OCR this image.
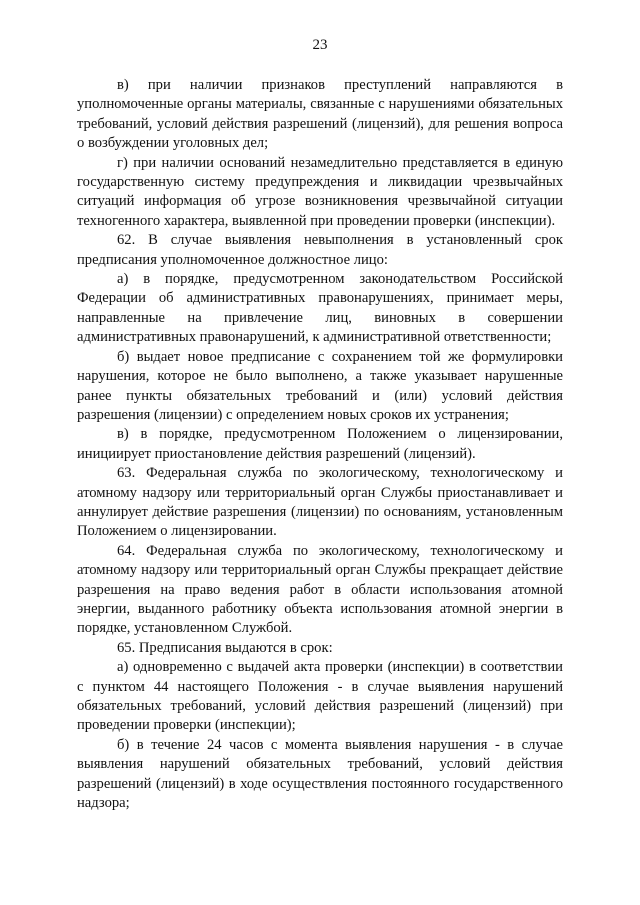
23

в) при наличии признаков преступлений направляются в уполномоченные органы материалы, связанные с нарушениями обязательных требований, условий действия разрешений (лицензий), для решения вопроса о возбуждении уголовных дел;

г) при наличии оснований незамедлительно представляется в единую государственную систему предупреждения и ликвидации чрезвычайных ситуаций информация об угрозе возникновения чрезвычайной ситуации техногенного характера, выявленной при проведении проверки (инспекции).

62. В случае выявления невыполнения в установленный срок предписания уполномоченное должностное лицо:

а) в порядке, предусмотренном законодательством Российской Федерации об административных правонарушениях, принимает меры, направленные на привлечение лиц, виновных в совершении административных правонарушений, к административной ответственности;

б) выдает новое предписание с сохранением той же формулировки нарушения, которое не было выполнено, а также указывает нарушенные ранее пункты обязательных требований и (или) условий действия разрешения (лицензии) с определением новых сроков их устранения;

в) в порядке, предусмотренном Положением о лицензировании, инициирует приостановление действия разрешений (лицензий).

63. Федеральная служба по экологическому, технологическому и атомному надзору или территориальный орган Службы приостанавливает и аннулирует действие разрешения (лицензии) по основаниям, установленным Положением о лицензировании.

64. Федеральная служба по экологическому, технологическому и атомному надзору или территориальный орган Службы прекращает действие разрешения на право ведения работ в области использования атомной энергии, выданного работнику объекта использования атомной энергии в порядке, установленном Службой.

65. Предписания выдаются в срок:

а) одновременно с выдачей акта проверки (инспекции) в соответствии с пунктом 44 настоящего Положения - в случае выявления нарушений обязательных требований, условий действия разрешений (лицензий) при проведении проверки (инспекции);

б) в течение 24 часов с момента выявления нарушения - в случае выявления нарушений обязательных требований, условий действия разрешений (лицензий) в ходе осуществления постоянного государственного надзора;
